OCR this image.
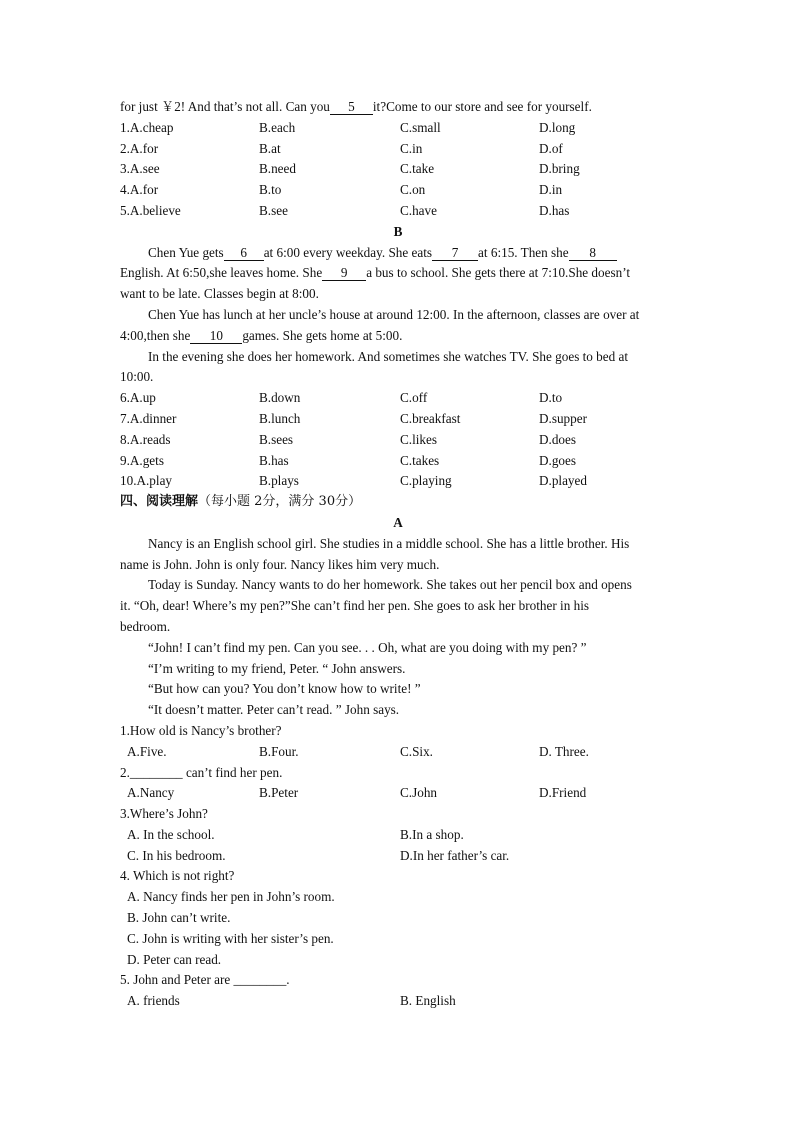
for just ￥2! And that’s not all. Can you 5 it?Come to our store and see for yourself.
1.A.cheap	B.each	C.small	D.long
2.A.for	B.at	C.in	D.of
3.A.see	B.need	C.take	D.bring
4.A.for	B.to	C.on	D.in
5.A.believe	B.see	C.have	D.has
B
Chen Yue gets 6 at 6:00 every weekday. She eats 7 at 6:15. Then she 8
English. At 6:50,she leaves home. She 9 a bus to school. She gets there at 7:10.She doesn’t
want to be late. Classes begin at 8:00.
Chen Yue has lunch at her uncle’s house at around 12:00. In the afternoon, classes are over at
4:00,then she 10 games. She gets home at 5:00.
In the evening she does her homework. And sometimes she watches TV. She goes to bed at
10:00.
6.A.up	B.down	C.off	D.to
7.A.dinner	B.lunch	C.breakfast	D.supper
8.A.reads	B.sees	C.likes	D.does
9.A.gets	B.has	C.takes	D.goes
10.A.play	B.plays	C.playing	D.played
四、阅读理解（每小题 2分，满分 30分）
A
Nancy is an English school girl. She studies in a middle school. She has a little brother. His
name is John. John is only four. Nancy likes him very much.
Today is Sunday. Nancy wants to do her homework. She takes out her pencil box and opens
it. “Oh, dear! Where’s my pen?”She can’t find her pen. She goes to ask her brother in his
bedroom.
“John! I can’t find my pen. Can you see. . . Oh, what are you doing with my pen? ”
“I’m writing to my friend, Peter. “ John answers.
“But how can you? You don’t know how to write! ”
“It doesn’t matter. Peter can’t read. ” John says.
1.How old is Nancy’s brother?
A.Five.	B.Four.	C.Six.	D. Three.
2.________ can’t find her pen.
A.Nancy	B.Peter	C.John	D.Friend
3.Where’s John?
A. In the school.	B.In a shop.
C. In his bedroom.	D.In her father’s car.
4. Which is not right?
A. Nancy finds her pen in John’s room.
B. John can’t write.
C. John is writing with her sister’s pen.
D. Peter can read.
5. John and Peter are ________.
A. friends	B. English
